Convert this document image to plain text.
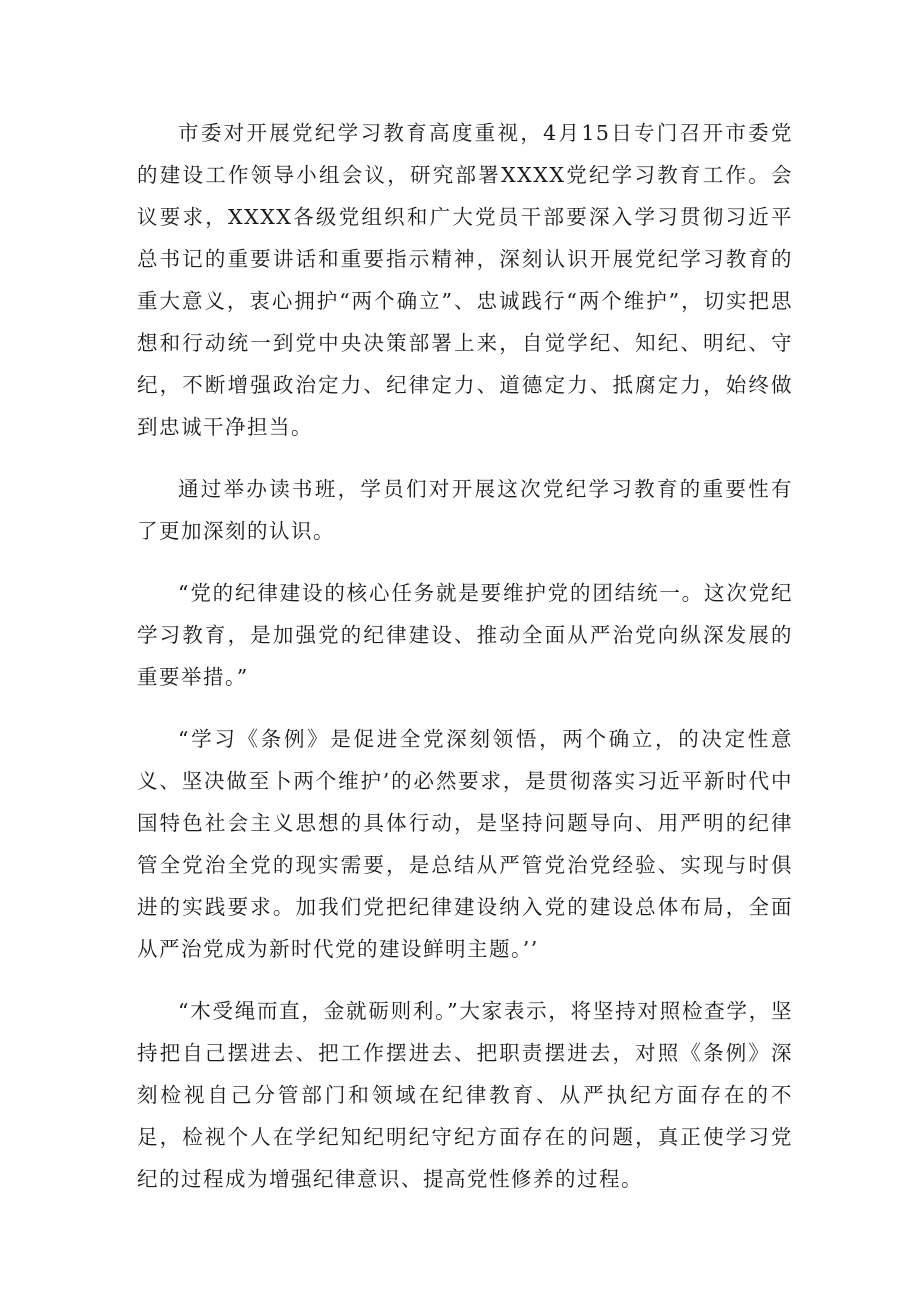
市委对开展党纪学习教育高度重视，4月15日专门召开市委党的建设工作领导小组会议，研究部署XXXX党纪学习教育工作。会议要求，XXXX各级党组织和广大党员干部要深入学习贯彻习近平总书记的重要讲话和重要指示精神，深刻认识开展党纪学习教育的重大意义，衷心拥护“两个确立”、忠诚践行“两个维护”，切实把思想和行动统一到党中央决策部署上来，自觉学纪、知纪、明纪、守纪，不断增强政治定力、纪律定力、道德定力、抵腐定力，始终做到忠诚干净担当。

通过举办读书班，学员们对开展这次党纪学习教育的重要性有了更加深刻的认识。

“党的纪律建设的核心任务就是要维护党的团结统一。这次党纪学习教育，是加强党的纪律建设、推动全面从严治党向纵深发展的重要举措。”

“学习《条例》是促进全党深刻领悟，两个确立，的决定性意义、坚决做至卜两个维护’的必然要求，是贯彻落实习近平新时代中国特色社会主义思想的具体行动，是坚持问题导向、用严明的纪律管全党治全党的现实需要，是总结从严管党治党经验、实现与时俱进的实践要求。加我们党把纪律建设纳入党的建设总体布局，全面从严治党成为新时代党的建设鲜明主题。’’

“木受绳而直，金就砺则利。”大家表示，将坚持对照检查学，坚持把自己摆进去、把工作摆进去、把职责摆进去，对照《条例》深刻检视自己分管部门和领域在纪律教育、从严执纪方面存在的不足，检视个人在学纪知纪明纪守纪方面存在的问题，真正使学习党纪的过程成为增强纪律意识、提高党性修养的过程。
